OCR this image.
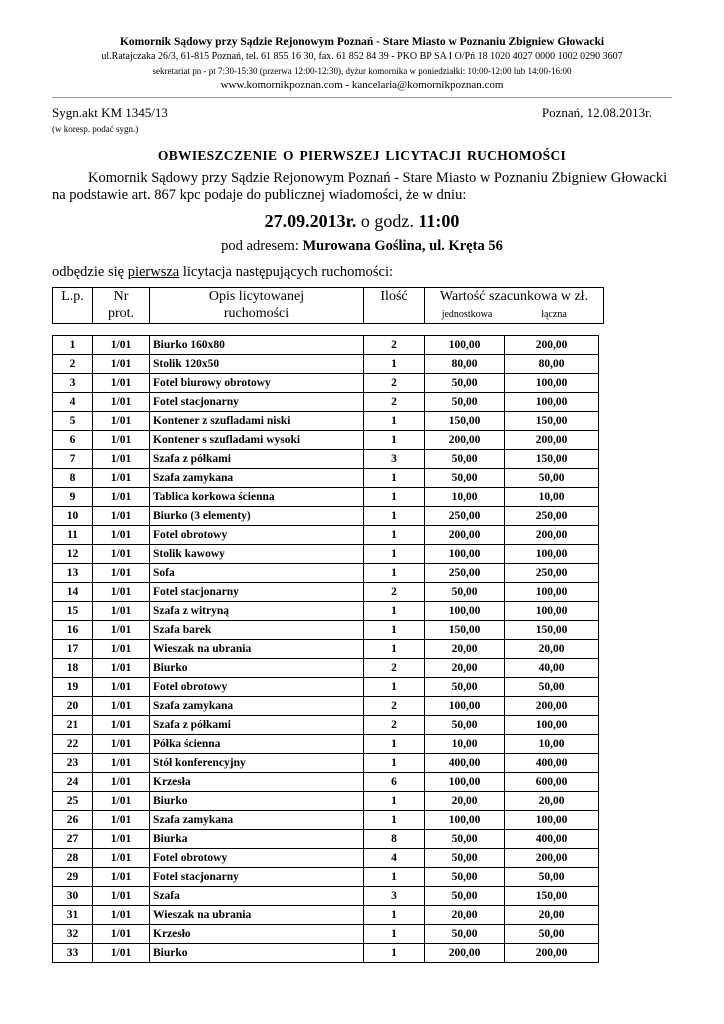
Komornik Sądowy przy Sądzie Rejonowym Poznań - Stare Miasto w Poznaniu Zbigniew Głowacki
ul.Ratajczaka 26/3, 61-815 Poznań, tel. 61 855 16 30, fax. 61 852 84 39 - PKO BP SA I O/Pń 18 1020 4027 0000 1002 0290 3607
sekretariat pn - pt 7:30-15:30 (przerwa 12:00-12:30), dyżur komornika w poniedziałki: 10:00-12:00 lub 14:00-16:00
www.komornikpoznan.com - kancelaria@komornikpoznan.com
Sygn.akt KM 1345/13	Poznań, 12.08.2013r.
(w koresp. podać sygn.)
OBWIESZCZENIE O PIERWSZEJ LICYTACJI RUCHOMOŚCI
Komornik Sądowy przy Sądzie Rejonowym Poznań - Stare Miasto w Poznaniu Zbigniew Głowacki na podstawie art. 867 kpc podaje do publicznej wiadomości, że w dniu:
27.09.2013r. o godz. 11:00
pod adresem: Murowana Goślina, ul. Kręta 56
odbędzie się pierwsza licytacja następujących ruchomości:
L.p.	Nr
prot.
Opis licytowanej
ruchomości
Ilość	Wartość szacunkowa w zł.
jednostkowa	łączna
1	1/01	Biurko 160x80	2	100,00	200,00
2	1/01	Stolik 120x50	1	80,00	80,00
3	1/01	Fotel biurowy obrotowy	2	50,00	100,00
4	1/01	Fotel stacjonarny	2	50,00	100,00
5	1/01	Kontener z szufladami niski	1	150,00	150,00
6	1/01	Kontener s szufladami wysoki	1	200,00	200,00
7	1/01	Szafa z półkami	3	50,00	150,00
8	1/01	Szafa zamykana	1	50,00	50,00
9	1/01	Tablica korkowa ścienna	1	10,00	10,00
10	1/01	Biurko (3 elementy)	1	250,00	250,00
11	1/01	Fotel obrotowy	1	200,00	200,00
12	1/01	Stolik kawowy	1	100,00	100,00
13	1/01	Sofa	1	250,00	250,00
14	1/01	Fotel stacjonarny	2	50,00	100,00
15	1/01	Szafa z witryną	1	100,00	100,00
16	1/01	Szafa barek	1	150,00	150,00
17	1/01	Wieszak na ubrania	1	20,00	20,00
18	1/01	Biurko	2	20,00	40,00
19	1/01	Fotel obrotowy	1	50,00	50,00
20	1/01	Szafa zamykana	2	100,00	200,00
21	1/01	Szafa z półkami	2	50,00	100,00
22	1/01	Półka ścienna	1	10,00	10,00
23	1/01	Stół konferencyjny	1	400,00	400,00
24	1/01	Krzesła	6	100,00	600,00
25	1/01	Biurko	1	20,00	20,00
26	1/01	Szafa zamykana	1	100,00	100,00
27	1/01	Biurka	8	50,00	400,00
28	1/01	Fotel obrotowy	4	50,00	200,00
29	1/01	Fotel stacjonarny	1	50,00	50,00
30	1/01	Szafa	3	50,00	150,00
31	1/01	Wieszak na ubrania	1	20,00	20,00
32	1/01	Krzesło	1	50,00	50,00
33	1/01	Biurko	1	200,00	200,00
